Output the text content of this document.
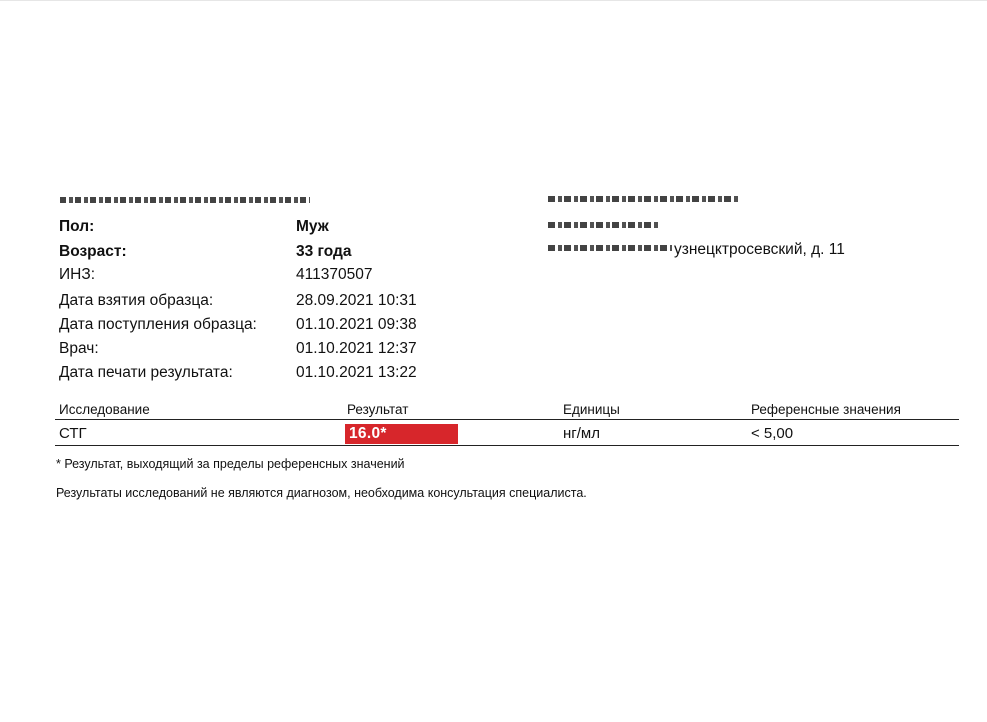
Пол:	Муж
Возраст:	33 года
ИНЗ:	411370507
Дата взятия образца:	28.09.2021 10:31
Дата поступления образца:	01.10.2021 09:38
Врач:	01.10.2021 12:37
Дата печати результата:	01.10.2021 13:22
узнецктросевский, д. 11
Исследование	Результат	Единицы	Референсные значения
СТГ	16.0*	нг/мл	< 5,00
* Результат, выходящий за пределы референсных значений
Результаты исследований не являются диагнозом, необходима консультация специалиста.
